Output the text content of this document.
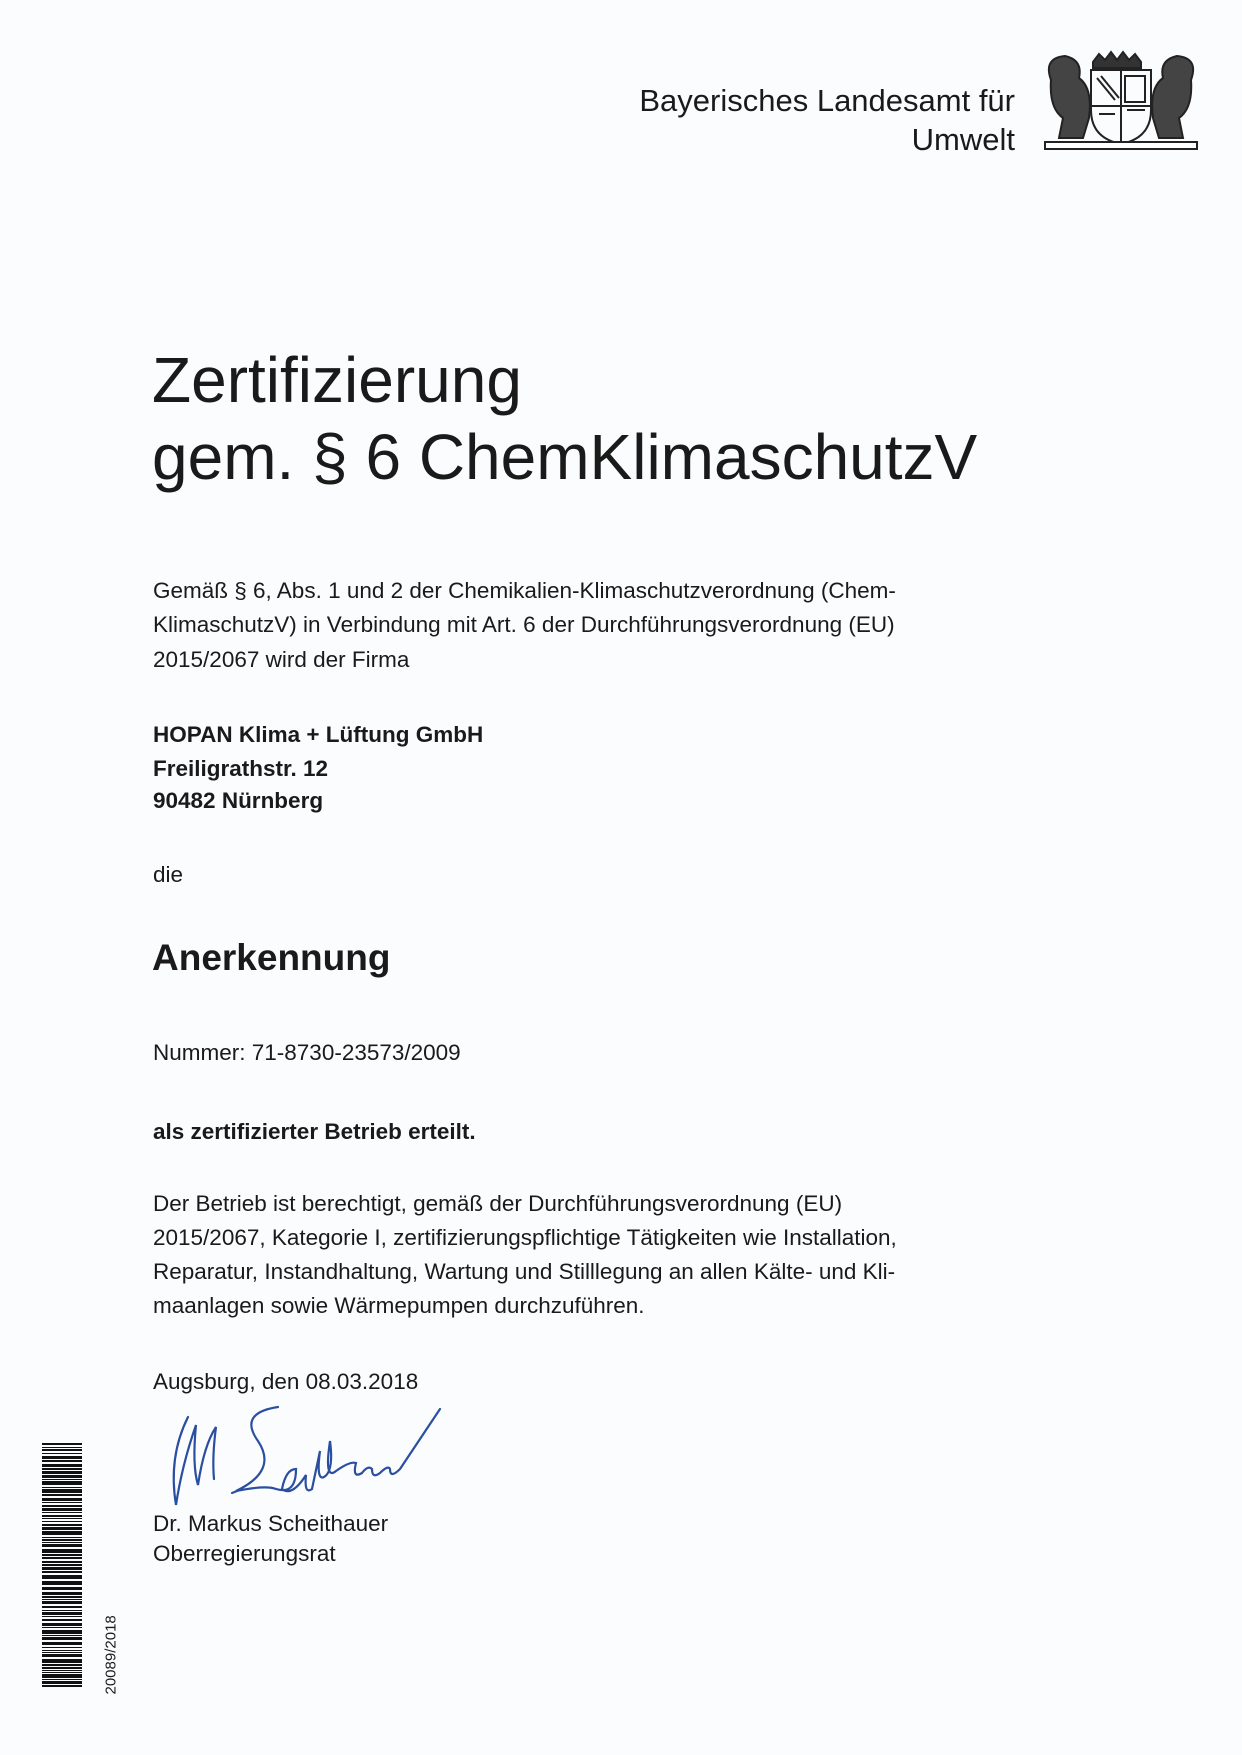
Bayerisches Landesamt für
Umwelt
Zertifizierung
gem. § 6 ChemKlimaschutzV
Gemäß § 6, Abs. 1 und 2 der Chemikalien-Klimaschutzverordnung (Chem-
KlimaschutzV) in Verbindung mit Art. 6 der Durchführungsverordnung (EU)
2015/2067 wird der Firma
HOPAN Klima + Lüftung GmbH
Freiligrathstr. 12
90482 Nürnberg
die
Anerkennung
Nummer: 71-8730-23573/2009
als zertifizierter Betrieb erteilt.
Der Betrieb ist berechtigt, gemäß der Durchführungsverordnung (EU)
2015/2067, Kategorie I, zertifizierungspflichtige Tätigkeiten wie Installation,
Reparatur, Instandhaltung, Wartung und Stilllegung an allen Kälte- und Kli-
maanlagen sowie Wärmepumpen durchzuführen.
Augsburg, den 08.03.2018
Dr. Markus Scheithauer
Oberregierungsrat
20089/2018
